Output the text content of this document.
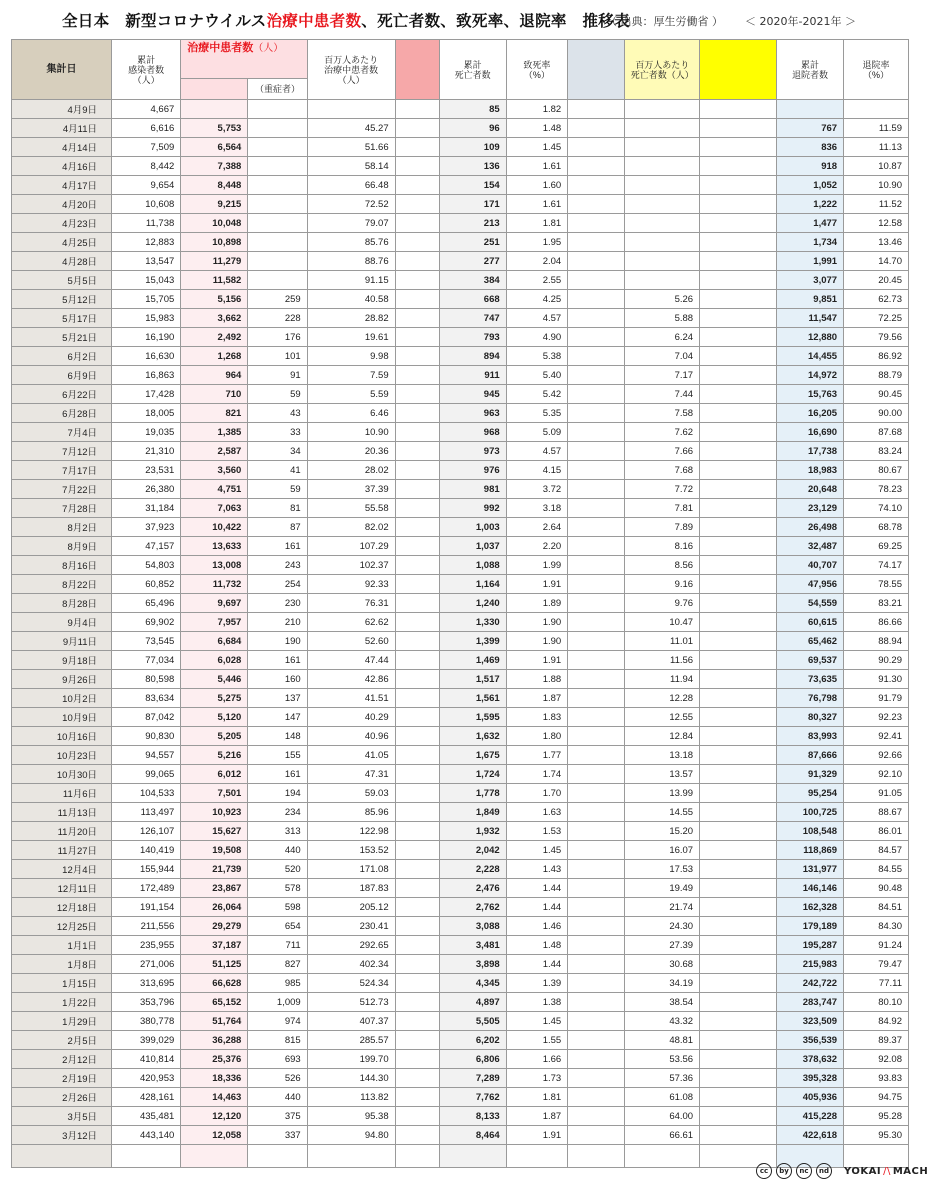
全日本　新型コロナウイルス治療中患者数、死亡者数、致死率、退院率　推移表
（ 出典：厚生労働省 ） ＜ 2020年-2021年 ＞
集計日	累計
感染者数
（人）	治療中患者数（人）		百万人あたり
治療中患者数
（人）		累計
死亡者数	致死率
（%）		百万人あたり
死亡者数（人）		累計
退院者数	退院率
（%）
			（重症者）									
4月9日	4,667					85	1.82					
4月11日	6,616	5,753		45.27		96	1.48				767	11.59
4月14日	7,509	6,564		51.66		109	1.45				836	11.13
4月16日	8,442	7,388		58.14		136	1.61				918	10.87
4月17日	9,654	8,448		66.48		154	1.60				1,052	10.90
4月20日	10,608	9,215		72.52		171	1.61				1,222	11.52
4月23日	11,738	10,048		79.07		213	1.81				1,477	12.58
4月25日	12,883	10,898		85.76		251	1.95				1,734	13.46
4月28日	13,547	11,279		88.76		277	2.04				1,991	14.70
5月5日	15,043	11,582		91.15		384	2.55				3,077	20.45
5月12日	15,705	5,156	259	40.58		668	4.25		5.26		9,851	62.73
5月17日	15,983	3,662	228	28.82		747	4.57		5.88		11,547	72.25
5月21日	16,190	2,492	176	19.61		793	4.90		6.24		12,880	79.56
6月2日	16,630	1,268	101	9.98		894	5.38		7.04		14,455	86.92
6月9日	16,863	964	91	7.59		911	5.40		7.17		14,972	88.79
6月22日	17,428	710	59	5.59		945	5.42		7.44		15,763	90.45
6月28日	18,005	821	43	6.46		963	5.35		7.58		16,205	90.00
7月4日	19,035	1,385	33	10.90		968	5.09		7.62		16,690	87.68
7月12日	21,310	2,587	34	20.36		973	4.57		7.66		17,738	83.24
7月17日	23,531	3,560	41	28.02		976	4.15		7.68		18,983	80.67
7月22日	26,380	4,751	59	37.39		981	3.72		7.72		20,648	78.23
7月28日	31,184	7,063	81	55.58		992	3.18		7.81		23,129	74.10
8月2日	37,923	10,422	87	82.02		1,003	2.64		7.89		26,498	68.78
8月9日	47,157	13,633	161	107.29		1,037	2.20		8.16		32,487	69.25
8月16日	54,803	13,008	243	102.37		1,088	1.99		8.56		40,707	74.17
8月22日	60,852	11,732	254	92.33		1,164	1.91		9.16		47,956	78.55
8月28日	65,496	9,697	230	76.31		1,240	1.89		9.76		54,559	83.21
9月4日	69,902	7,957	210	62.62		1,330	1.90		10.47		60,615	86.66
9月11日	73,545	6,684	190	52.60		1,399	1.90		11.01		65,462	88.94
9月18日	77,034	6,028	161	47.44		1,469	1.91		11.56		69,537	90.29
9月26日	80,598	5,446	160	42.86		1,517	1.88		11.94		73,635	91.30
10月2日	83,634	5,275	137	41.51		1,561	1.87		12.28		76,798	91.79
10月9日	87,042	5,120	147	40.29		1,595	1.83		12.55		80,327	92.23
10月16日	90,830	5,205	148	40.96		1,632	1.80		12.84		83,993	92.41
10月23日	94,557	5,216	155	41.05		1,675	1.77		13.18		87,666	92.66
10月30日	99,065	6,012	161	47.31		1,724	1.74		13.57		91,329	92.10
11月6日	104,533	7,501	194	59.03		1,778	1.70		13.99		95,254	91.05
11月13日	113,497	10,923	234	85.96		1,849	1.63		14.55		100,725	88.67
11月20日	126,107	15,627	313	122.98		1,932	1.53		15.20		108,548	86.01
11月27日	140,419	19,508	440	153.52		2,042	1.45		16.07		118,869	84.57
12月4日	155,944	21,739	520	171.08		2,228	1.43		17.53		131,977	84.55
12月11日	172,489	23,867	578	187.83		2,476	1.44		19.49		146,146	90.48
12月18日	191,154	26,064	598	205.12		2,762	1.44		21.74		162,328	84.51
12月25日	211,556	29,279	654	230.41		3,088	1.46		24.30		179,189	84.30
1月1日	235,955	37,187	711	292.65		3,481	1.48		27.39		195,287	91.24
1月8日	271,006	51,125	827	402.34		3,898	1.44		30.68		215,983	79.47
1月15日	313,695	66,628	985	524.34		4,345	1.39		34.19		242,722	77.11
1月22日	353,796	65,152	1,009	512.73		4,897	1.38		38.54		283,747	80.10
1月29日	380,778	51,764	974	407.37		5,505	1.45		43.32		323,509	84.92
2月5日	399,029	36,288	815	285.57		6,202	1.55		48.81		356,539	89.37
2月12日	410,814	25,376	693	199.70		6,806	1.66		53.56		378,632	92.08
2月19日	420,953	18,336	526	144.30		7,289	1.73		57.36		395,328	93.83
2月26日	428,161	14,463	440	113.82		7,762	1.81		61.08		405,936	94.75
3月5日	435,481	12,120	375	95.38		8,133	1.87		64.00		415,228	95.28
3月12日	443,140	12,058	337	94.80		8,464	1.91		66.61		422,618	95.30

cc	by	nc	nd	YOKAI /\ MACH
